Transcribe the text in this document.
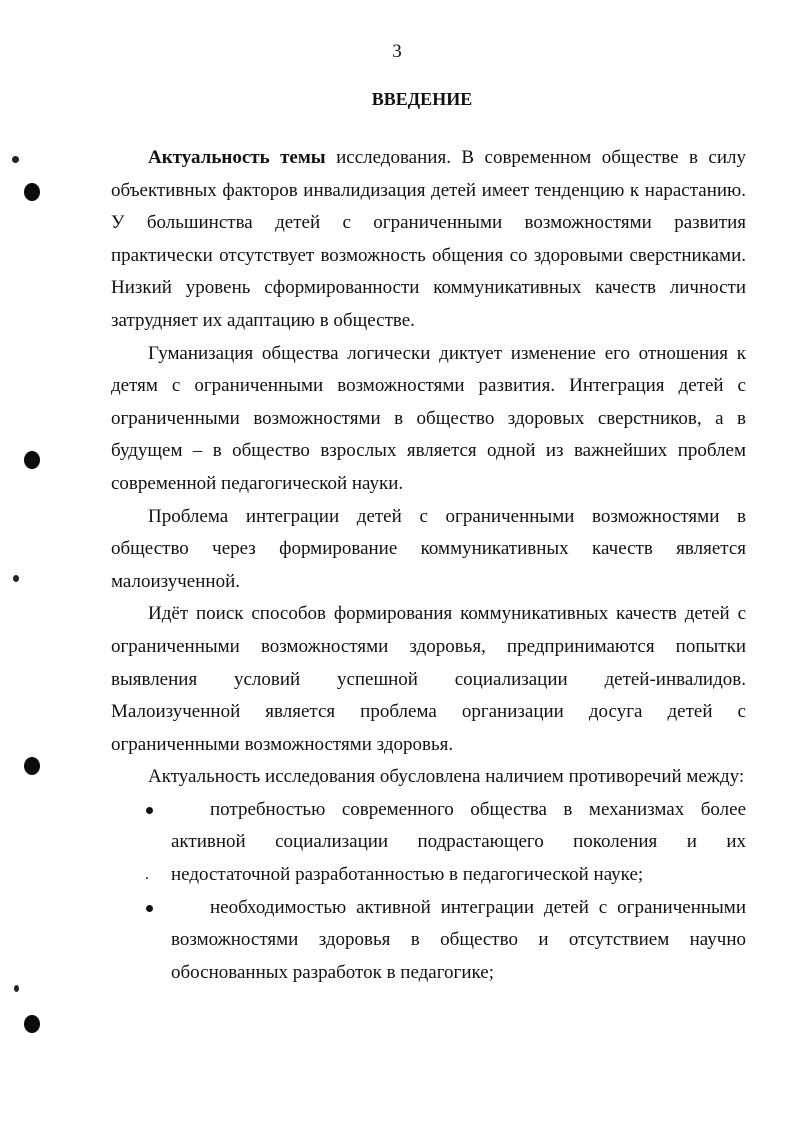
3
ВВЕДЕНИЕ

Актуальность темы исследования. В современном обществе в силу объективных факторов инвалидизация детей имеет тенденцию к нарастанию. У большинства детей с ограниченными возможностями развития практически отсутствует возможность общения со здоровыми сверстниками. Низкий уровень сформированности коммуникативных качеств личности затрудняет их адаптацию в обществе.

Гуманизация общества логически диктует изменение его отношения к детям с ограниченными возможностями развития. Интеграция детей с ограниченными возможностями в общество здоровых сверстников, а в будущем – в общество взрослых является одной из важнейших проблем современной педагогической науки.

Проблема интеграции детей с ограниченными возможностями в общество через формирование коммуникативных качеств является малоизученной.

Идёт поиск способов формирования коммуникативных качеств детей с ограниченными возможностями здоровья, предпринимаются попытки выявления условий успешной социализации детей-инвалидов. Малоизученной является проблема организации досуга детей с ограниченными возможностями здоровья.

Актуальность исследования обусловлена наличием противоречий между:

потребностью современного общества в механизмах более активной социализации подрастающего поколения и их недостаточной разработанностью в педагогической науке;
необходимостью активной интеграции детей с ограниченными возможностями здоровья в общество и отсутствием научно обоснованных разработок в педагогике;
